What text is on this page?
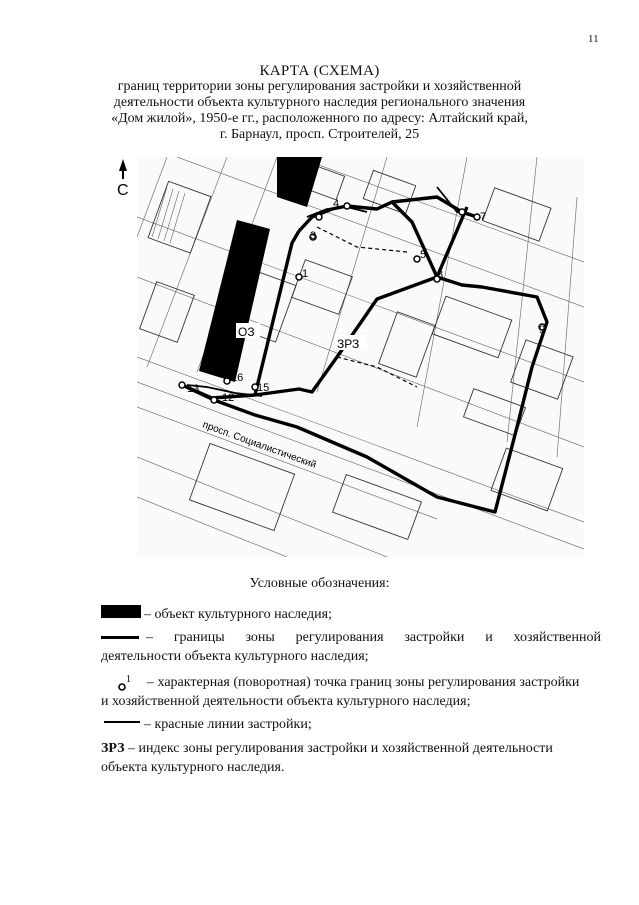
11
КАРТА (СХЕМА)
границ территории зоны регулирования застройки и хозяйственной
деятельности объекта культурного наследия регионального значения
«Дом жилой», 1950-е гг., расположенного по адресу: Алтайский край,
г. Барнаул, просп. Строителей, 25
С
ОЗ
ЗРЗ
просп. Социалистический
1
3
4
5
8
7
9
12
13	15
16
Условные обозначения:
– объект культурного наследия;
– границы зоны регулирования застройки и хозяйственной
деятельности объекта культурного наследия;
1	– характерная (поворотная) точка границ зоны регулирования застройки
и хозяйственной деятельности объекта культурного наследия;
– красные линии застройки;
ЗРЗ – индекс зоны регулирования застройки и хозяйственной деятельности
объекта культурного наследия.
